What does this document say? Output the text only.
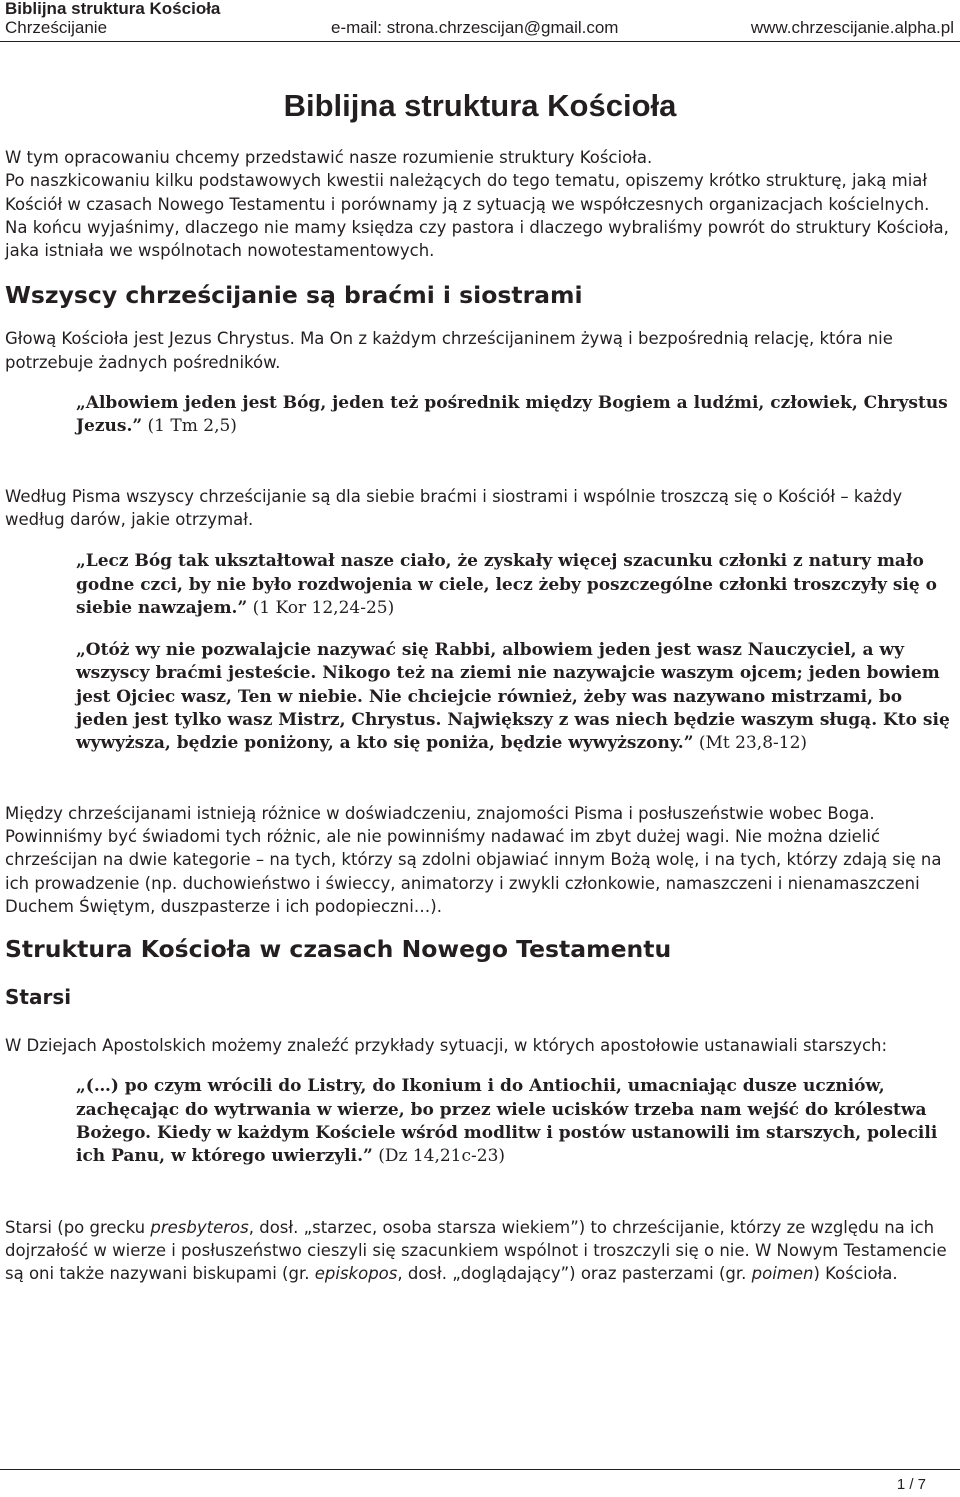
Biblijna struktura Kościoła
Chrześcijanie	e-mail: strona.chrzescijan@gmail.com	www.chrzescijanie.alpha.pl
Biblijna struktura Kościoła

W tym opracowaniu chcemy przedstawić nasze rozumienie struktury Kościoła.

Po naszkicowaniu kilku podstawowych kwestii należących do tego tematu, opiszemy krótko strukturę, jaką miał Kościół w czasach Nowego Testamentu i porównamy ją z sytuacją we współczesnych organizacjach kościelnych. Na końcu wyjaśnimy, dlaczego nie mamy księdza czy pastora i dlaczego wybraliśmy powrót do struktury Kościoła, jaka istniała we wspólnotach nowotestamentowych.

Wszyscy chrześcijanie są braćmi i siostrami

Głową Kościoła jest Jezus Chrystus. Ma On z każdym chrześcijaninem żywą i bezpośrednią relację, która nie potrzebuje żadnych pośredników.

„Albowiem jeden jest Bóg, jeden też pośrednik między Bogiem a ludźmi, człowiek, Chrystus Jezus.” (1 Tm 2,5)

Według Pisma wszyscy chrześcijanie są dla siebie braćmi i siostrami i wspólnie troszczą się o Kościół – każdy według darów, jakie otrzymał.

„Lecz Bóg tak ukształtował nasze ciało, że zyskały więcej szacunku członki z natury mało godne czci, by nie było rozdwojenia w ciele, lecz żeby poszczególne członki troszczyły się o siebie nawzajem.” (1 Kor 12,24-25)

„Otóż wy nie pozwalajcie nazywać się Rabbi, albowiem jeden jest wasz Nauczyciel, a wy wszyscy braćmi jesteście. Nikogo też na ziemi nie nazywajcie waszym ojcem; jeden bowiem jest Ojciec wasz, Ten w niebie. Nie chciejcie również, żeby was nazywano mistrzami, bo jeden jest tylko wasz Mistrz, Chrystus. Największy z was niech będzie waszym sługą. Kto się wywyższa, będzie poniżony, a kto się poniża, będzie wywyższony.” (Mt 23,8-12)

Między chrześcijanami istnieją różnice w doświadczeniu, znajomości Pisma i posłuszeństwie wobec Boga. Powinniśmy być świadomi tych różnic, ale nie powinniśmy nadawać im zbyt dużej wagi. Nie można dzielić chrześcijan na dwie kategorie – na tych, którzy są zdolni objawiać innym Bożą wolę, i na tych, którzy zdają się na ich prowadzenie (np. duchowieństwo i świeccy, animatorzy i zwykli członkowie, namaszczeni i nienamaszczeni Duchem Świętym, duszpasterze i ich podopieczni…).

Struktura Kościoła w czasach Nowego Testamentu
Starsi

W Dziejach Apostolskich możemy znaleźć przykłady sytuacji, w których apostołowie ustanawiali starszych:

„(…) po czym wrócili do Listry, do Ikonium i do Antiochii, umacniając dusze uczniów, zachęcając do wytrwania w wierze, bo przez wiele ucisków trzeba nam wejść do królestwa Bożego. Kiedy w każdym Kościele wśród modlitw i postów ustanowili im starszych, polecili ich Panu, w którego uwierzyli.” (Dz 14,21c-23)

Starsi (po grecku presbyteros, dosł. „starzec, osoba starsza wiekiem”) to chrześcijanie, którzy ze względu na ich dojrzałość w wierze i posłuszeństwo cieszyli się szacunkiem wspólnot i troszczyli się o nie. W Nowym Testamencie są oni także nazywani biskupami (gr. episkopos, dosł. „doglądający”) oraz pasterzami (gr. poimen) Kościoła.

1 / 7
